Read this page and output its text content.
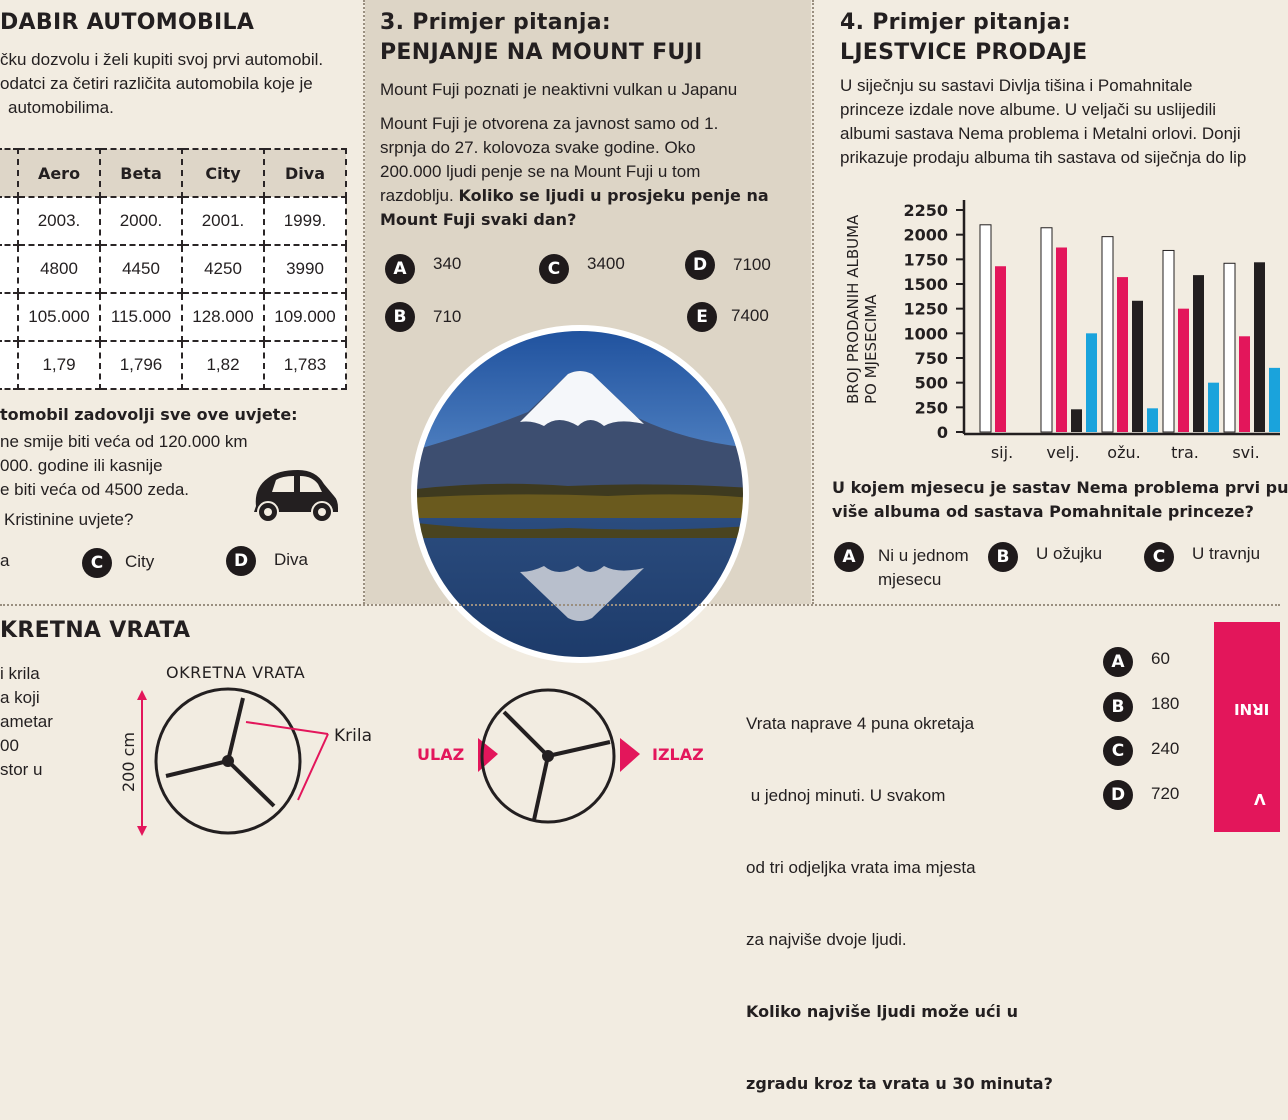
DABIR AUTOMOBILA
čku dozvolu i želi kupiti svoj prvi automobil.
odatci za četiri različita automobila koje je
automobilima.
	Aero	Beta	City	Diva
	2003.	2000.	2001.	1999.
	4800	4450	4250	3990
	105.000	115.000	128.000	109.000
	1,79	1,796	1,82	1,783
tomobil zadovolji sve ove uvjete:
ne smije biti veća od 120.000 km
000. godine ili kasnije
e biti veća od 4500 zeda.
Kristinine uvjete?
a	C	City	D	Diva
3. Primjer pitanja:
PENJANJE NA MOUNT FUJI
Mount Fuji poznati je neaktivni vulkan u Japanu
Mount Fuji je otvorena za javnost samo od 1.
srpnja do 27. kolovoza svake godine. Oko
200.000 ljudi penje se na Mount Fuji u tom
razdoblju. Koliko se ljudi u prosjeku penje na
Mount Fuji svaki dan?
A	340	C	3400	D	7100
B	710	E	7400
4. Primjer pitanja:
LJESTVICE PRODAJE
U siječnju su sastavi Divlja tišina i Pomahnitale
princeze izdale nove albume. U veljači su uslijedili
albumi sastava Nema problema i Metalni orlovi. Donji
prikazuje prodaju albuma tih sastava od siječnja do lip
BROJ PRODANIH ALBUMA PO MJESECIMA
2250
2000
1750
1500
1250
1000
750
500
250
0
sij. velj. ožu. tra. svi.
U kojem mjesecu je sastav Nema problema prvi pu
više albuma od sastava Pomahnitale princeze?
A	Ni u jednom
mjesecu
B	U ožujku	C	U travnju
KRETNA VRATA
i krila
a koji
ametar
00
stor u
OKRETNA VRATA
200 cm	Krila
ULAZ	IZLAZ

Vrata naprave 4 puna okretaja

u jednoj minuti. U svakom

od tri odjeljka vrata ima mjesta

za najviše dvoje ljudi.

Koliko najviše ljudi može ući u

zgradu kroz ta vrata u 30 minuta?

A	60
B	180
C	240
D	720
IRNI
V
